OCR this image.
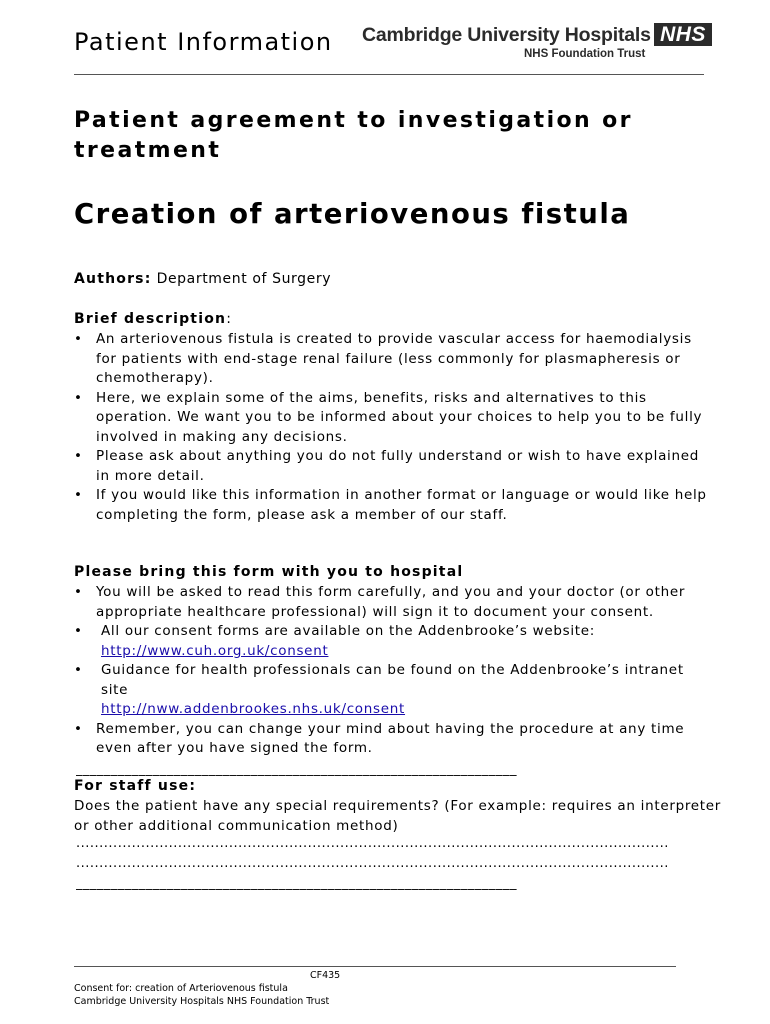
Patient Information Cambridge University Hospitals NHS
NHS Foundation Trust
Patient agreement to investigation or treatment
Creation of arteriovenous fistula
Authors: Department of Surgery
Brief description:
• An arteriovenous fistula is created to provide vascular access for haemodialysis for patients with end-stage renal failure (less commonly for plasmapheresis or chemotherapy).
• Here, we explain some of the aims, benefits, risks and alternatives to this operation. We want you to be informed about your choices to help you to be fully involved in making any decisions.
• Please ask about anything you do not fully understand or wish to have explained in more detail.
• If you would like this information in another format or language or would like help completing the form, please ask a member of our staff.
Please bring this form with you to hospital
• You will be asked to read this form carefully, and you and your doctor (or other appropriate healthcare professional) will sign it to document your consent.
• All our consent forms are available on the Addenbrooke’s website:
http://www.cuh.org.uk/consent
• Guidance for health professionals can be found on the Addenbrooke’s intranet site
http://nww.addenbrookes.nhs.uk/consent
• Remember, you can change your mind about having the procedure at any time even after you have signed the form.
_______________________________________________________________
For staff use:
Does the patient have any special requirements? (For example: requires an interpreter or other additional communication method)
................................................................................................................................
................................................................................................................................
_______________________________________________________________
CF435
Consent for: creation of Arteriovenous fistula
Cambridge University Hospitals NHS Foundation Trust
